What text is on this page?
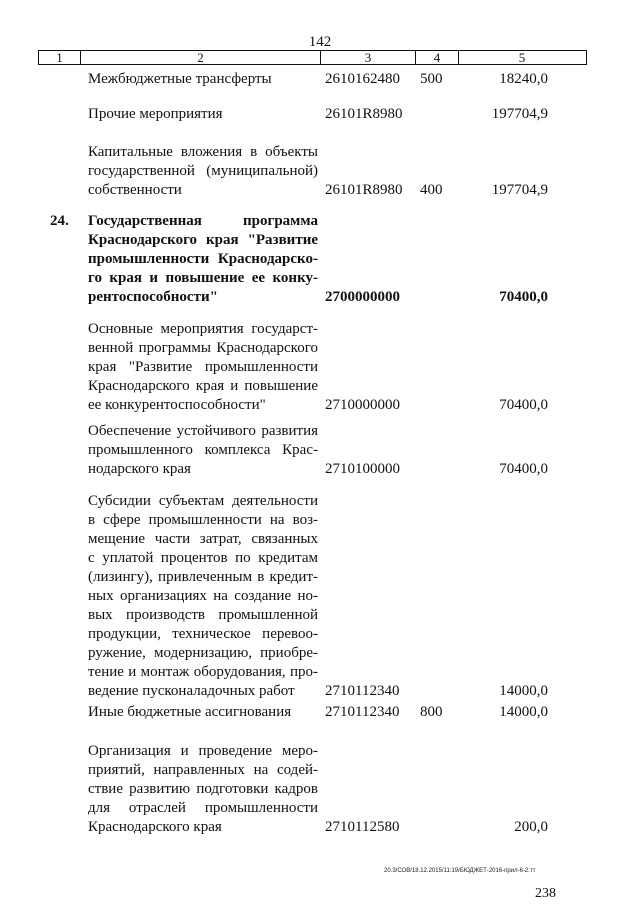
142
1	2	3	4	5
Межбюджетные трансферты	2610162480 500	18240,0
Прочие мероприятия	26101R8980	197704,9
Капитальные вложения в объекты
государственной (муниципальной)
собственности	26101R8980 400	197704,9
24. Государственная программа
Краснодарского края "Развитие
промышленности Краснодарско-
го края и повышение ее конку-
рентоспособности"	2700000000	70400,0
Основные мероприятия государст-
венной программы Краснодарского
края "Развитие промышленности
Краснодарского края и повышение
ее конкурентоспособности"	2710000000	70400,0
Обеспечение устойчивого развития
промышленного комплекса Крас-
нодарского края	2710100000	70400,0
Субсидии субъектам деятельности
в сфере промышленности на воз-
мещение части затрат, связанных
с уплатой процентов по кредитам
(лизингу), привлеченным в кредит-
ных организациях на создание но-
вых производств промышленной
продукции, техническое перевоо-
ружение, модернизацию, приобре-
тение и монтаж оборудования, про-
ведение пусконаладочных работ	2710112340	14000,0
Иные бюджетные ассигнования	2710112340 800	14000,0
Организация и проведение меро-
приятий, направленных на содей-
ствие развитию подготовки кадров
для отраслей промышленности
Краснодарского края	2710112580	200,0
20.3/СОВ/18.12.2015/11:19/БЮДЖЕТ-2016-прил-6-2.тт
238
